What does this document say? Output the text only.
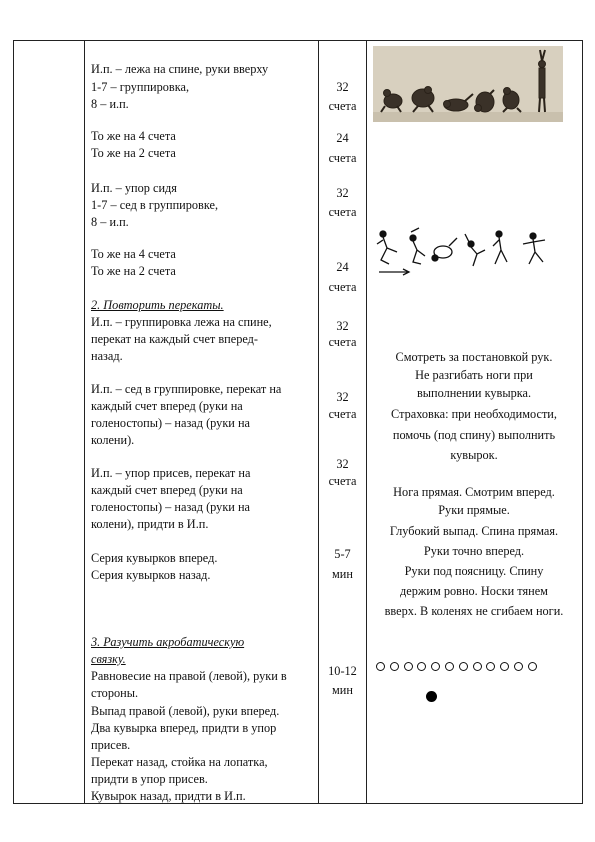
И.п. – лежа на спине, руки вверху
1-7 – группировка,
8 – и.п.
То же на 4 счета
То же на 2 счета
И.п. – упор сидя
1-7 – сед в группировке,
8 – и.п.
То же на 4 счета
То же на 2 счета
2. Повторить перекаты.
И.п. – группировка лежа на спине,
перекат на каждый счет вперед-
назад.
И.п. – сед в группировке, перекат на
каждый счет вперед (руки на
голеностопы) – назад (руки на
колени).
И.п. – упор присев, перекат на
каждый счет вперед (руки на
голеностопы) – назад (руки на
колени), придти в И.п.
Серия кувырков вперед.
Серия кувырков назад.
3. Разучить акробатическую
связку.
Равновесие на правой (левой), руки в
стороны.
Выпад правой (левой), руки вперед.
Два кувырка вперед, придти в упор
присев.
Перекат назад, стойка на лопатка,
придти в упор присев.
Кувырок назад, придти в И.п.
32
счета
24
счета
32
счета
24
счета
32
счета
32
счета
32
счета
5-7
мин
10-12
мин
Смотреть за постановкой рук.
Не разгибать ноги при
выполнении кувырка.
Страховка: при необходимости,
помочь (под спину) выполнить
кувырок.
Нога прямая. Смотрим вперед.
Руки прямые.
Глубокий выпад. Спина прямая.
Руки точно вперед.
Руки под поясницу. Спину
держим ровно. Носки тянем
вверх. В коленях не сгибаем ноги.
